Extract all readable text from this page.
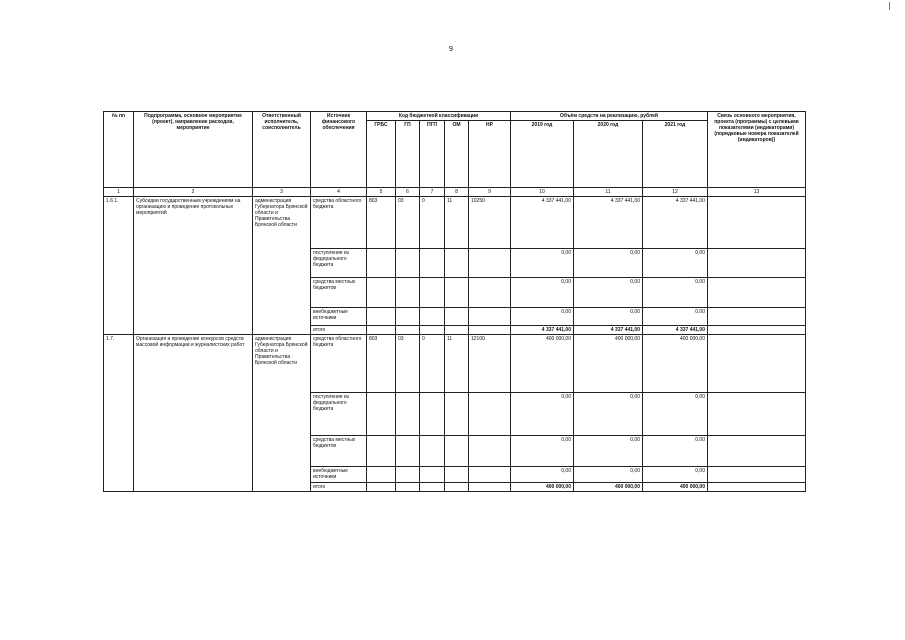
9
№ пп	Подпрограмма, основное мероприятие (проект), направление расходов, мероприятие	Ответственный исполнитель, соисполнитель	Источник финансового обеспечения	Код бюджетной классификации					Объём средств на реализацию, рублей			Связь основного мероприятия, проекта (программы) с целевыми показателями (индикаторами) (порядковые номера показателей (индикаторов))
				ГРБС	ГП	ПГП	ОМ	НР	2019 год	2020 год	2021 год	
1	2	3	4	5	6	7	8	9	10	11	12	13
1.6.1.	Субсидии государственным учреждениям на организацию и проведение протокольных мероприятий	администрация Губернатора Брянской области и Правительства Брянской области	средства областного бюджета	803	03	0	11	10250	4 337 441,00	4 337 441,00	4 337 441,00	
			поступления из федерального бюджета						0,00	0,00	0,00	
			средства местных бюджетов						0,00	0,00	0,00	
			внебюджетные источники						0,00	0,00	0,00	
			итого						4 337 441,00	4 337 441,00	4 337 441,00	
1.7.	Организация и проведение конкурсов средств массовой информации и журналистских работ	администрация Губернатора Брянской области и Правительства Брянской области	средства областного бюджета	803	03	0	11	12100	400 000,00	400 000,00	400 000,00	
			поступления из федерального бюджета						0,00	0,00	0,00	
			средства местных бюджетов						0,00	0,00	0,00	
			внебюджетные источники						0,00	0,00	0,00	
			итого						400 000,00	400 000,00	400 000,00	
